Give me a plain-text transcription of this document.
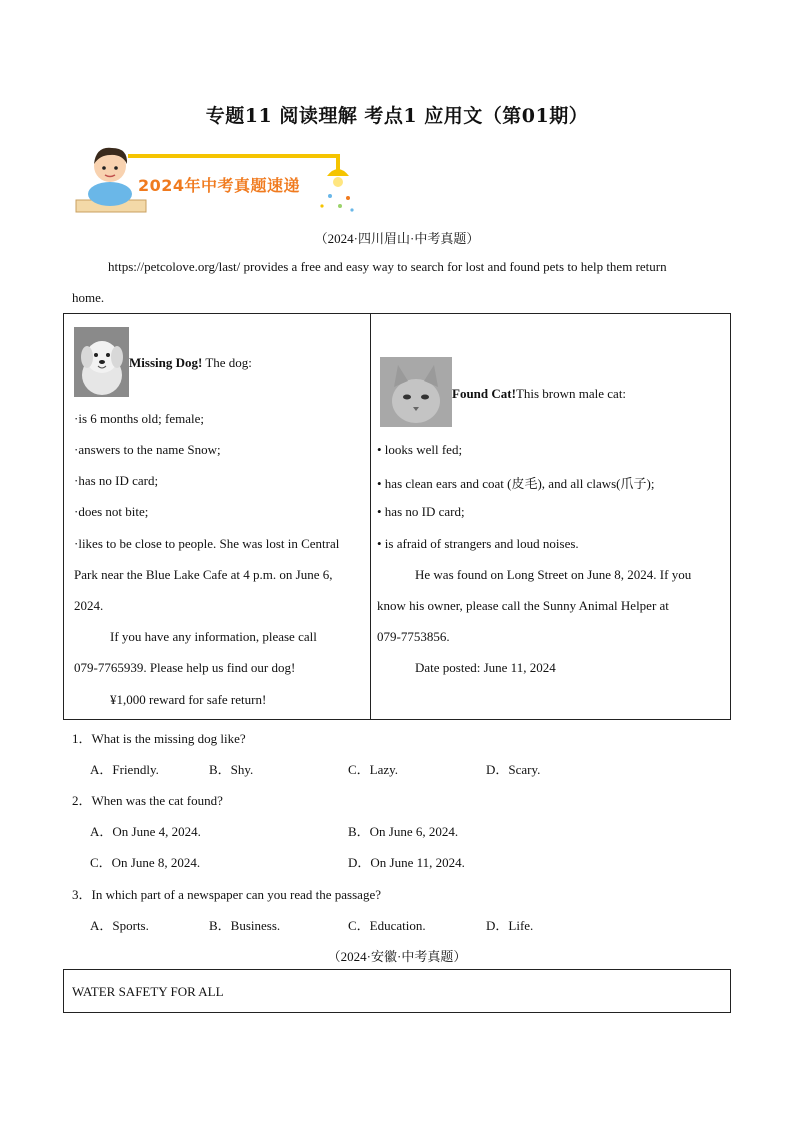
专题11 阅读理解 考点1 应用文（第01期）
2024年中考真题速递
（2024·四川眉山·中考真题）
https://petcolove.org/last/ provides a free and easy way to search for lost and found pets to help them return
home.
Missing Dog! The dog:
·is 6 months old; female;
·answers to the name Snow;
·has no ID card;
·does not bite;
·likes to be close to people. She was lost in Central
Park near the Blue Lake Cafe at 4 p.m. on June 6,
2024.
If you have any information, please call
079-7765939. Please help us find our dog!
¥1,000 reward for safe return!
Found Cat!This brown male cat:
• looks well fed;
• has clean ears and coat (皮毛), and all claws(爪子);
• has no ID card;
• is afraid of strangers and loud noises.
He was found on Long Street on June 8, 2024. If you
know his owner, please call the Sunny Animal Helper at
079-7753856.
Date posted: June 11, 2024
1．What is the missing dog like?
A．Friendly.	B．Shy.	C．Lazy.	D．Scary.
2．When was the cat found?
A．On June 4, 2024.	B．On June 6, 2024.
C．On June 8, 2024.	D．On June 11, 2024.
3．In which part of a newspaper can you read the passage?
A．Sports.	B．Business.	C．Education.	D．Life.
（2024·安徽·中考真题）
WATER SAFETY FOR ALL
